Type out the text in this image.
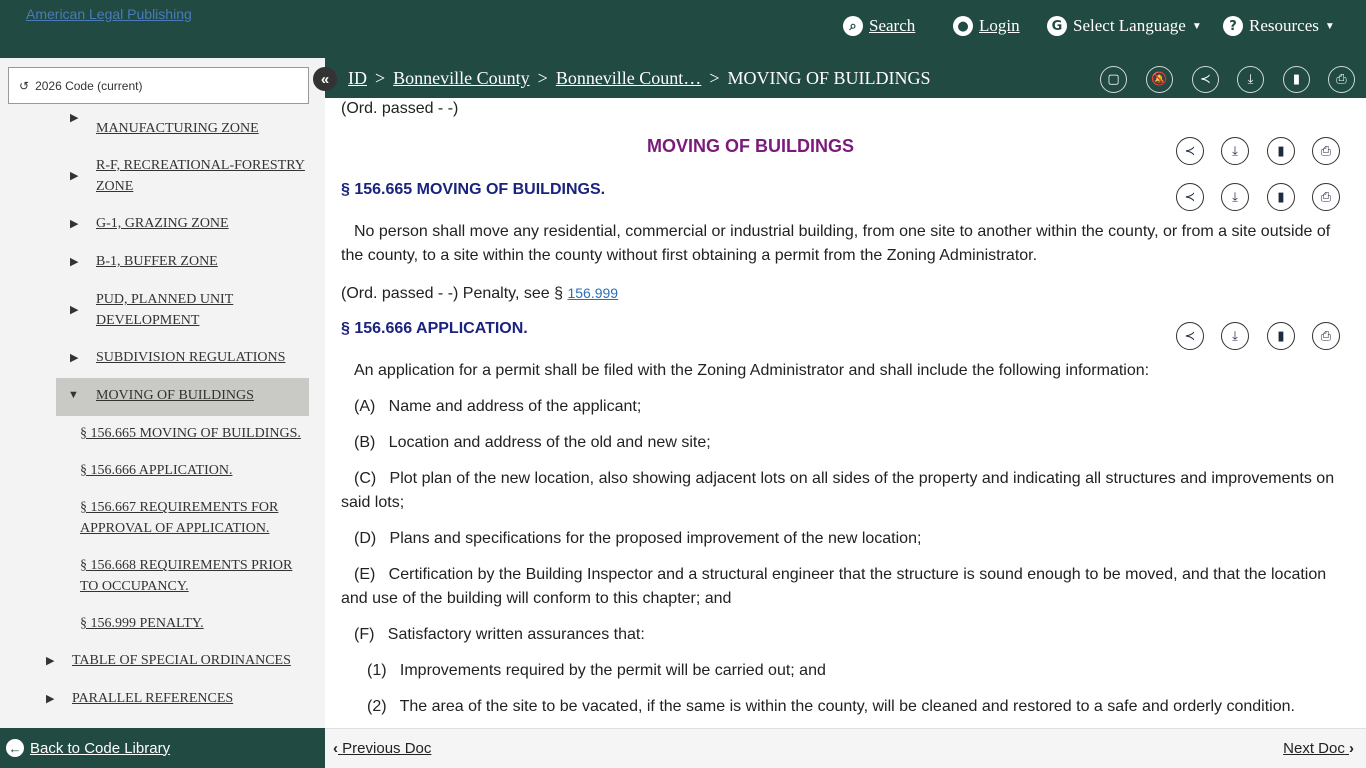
American Legal Publishing
⌕ Search	● Login	G Select Language ▼	? Resources ▼
↺ 2026 Code (current)
▶
MANUFACTURING ZONE
▶
R-F, RECREATIONAL-FORESTRY ZONE
▶ G-1, GRAZING ZONE
▶ B-1, BUFFER ZONE
▶
PUD, PLANNED UNIT DEVELOPMENT
▶ SUBDIVISION REGULATIONS
▼ MOVING OF BUILDINGS
§ 156.665 MOVING OF BUILDINGS.
§ 156.666 APPLICATION.
§ 156.667 REQUIREMENTS FOR APPROVAL OF APPLICATION.
§ 156.668 REQUIREMENTS PRIOR TO OCCUPANCY.
§ 156.999 PENALTY.
▶ TABLE OF SPECIAL ORDINANCES
▶ PARALLEL REFERENCES
«	ID > Bonneville County > Bonneville Count… > MOVING OF BUILDINGS	▢	🔕	≺	⤓	▮	⎙
(Ord. passed - -)
MOVING OF BUILDINGS	≺	⤓	▮	⎙
§ 156.665 MOVING OF BUILDINGS.	≺	⤓	▮	⎙
No person shall move any residential, commercial or industrial building, from one site to another within the county, or from a site outside of the county, to a site within the county without first obtaining a permit from the Zoning Administrator.
(Ord. passed - -) Penalty, see § 156.999
§ 156.666 APPLICATION.	≺	⤓	▮	⎙
An application for a permit shall be filed with the Zoning Administrator and shall include the following information:
(A)   Name and address of the applicant;
(B)   Location and address of the old and new site;
(C)   Plot plan of the new location, also showing adjacent lots on all sides of the property and indicating all structures and improvements on said lots;
(D)   Plans and specifications for the proposed improvement of the new location;
(E)   Certification by the Building Inspector and a structural engineer that the structure is sound enough to be moved, and that the location and use of the building will conform to this chapter; and
(F)   Satisfactory written assurances that:
(1)   Improvements required by the permit will be carried out; and
(2)   The area of the site to be vacated, if the same is within the county, will be cleaned and restored to a safe and orderly condition.
← Back to Code Library	‹ Previous Doc	Next Doc ›
